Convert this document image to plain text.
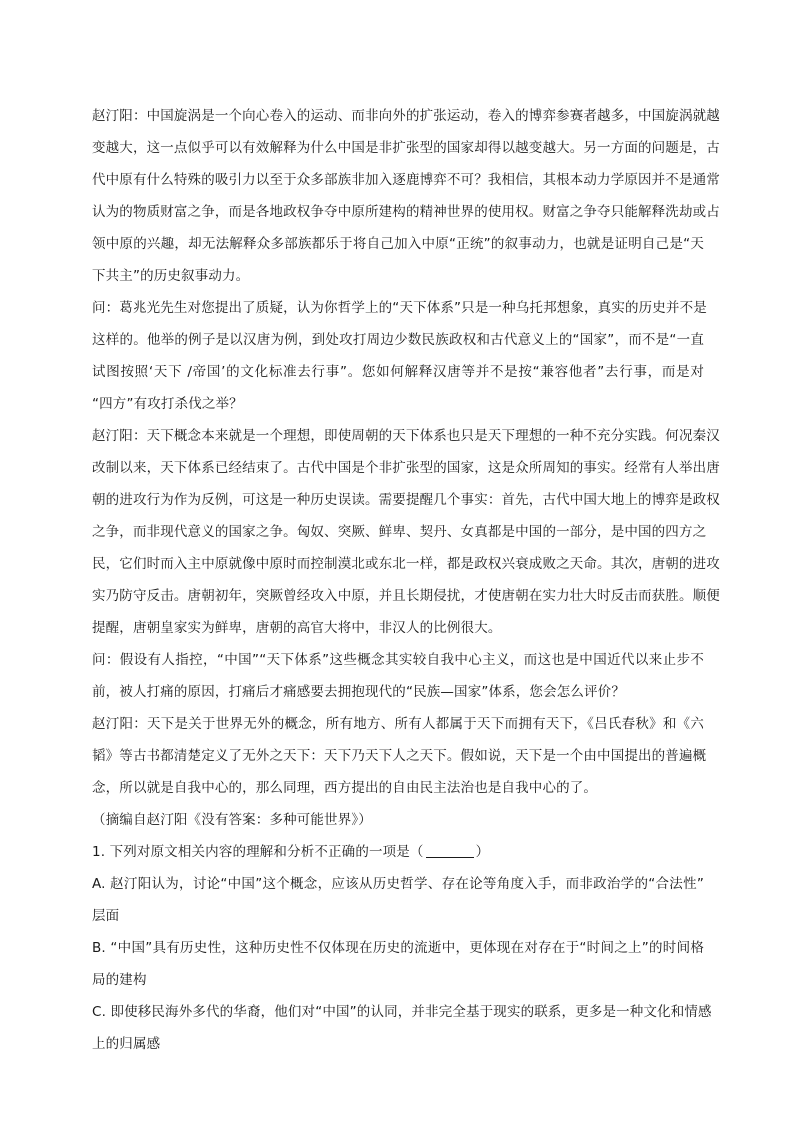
赵汀阳：中国旋涡是一个向心卷入的运动、而非向外的扩张运动，卷入的博弈参赛者越多，中国旋涡就越
变越大，这一点似乎可以有效解释为什么中国是非扩张型的国家却得以越变越大。另一方面的问题是，古
代中原有什么特殊的吸引力以至于众多部族非加入逐鹿博弈不可？我相信，其根本动力学原因并不是通常
认为的物质财富之争，而是各地政权争夺中原所建构的精神世界的使用权。财富之争夺只能解释洗劫或占
领中原的兴趣，却无法解释众多部族都乐于将自己加入中原“正统”的叙事动力，也就是证明自己是“天
下共主”的历史叙事动力。
问：葛兆光先生对您提出了质疑，认为你哲学上的“天下体系”只是一种乌托邦想象，真实的历史并不是
这样的。他举的例子是以汉唐为例，到处攻打周边少数民族政权和古代意义上的“国家”，而不是“一直
试图按照‘天下 /帝国’的文化标准去行事”。您如何解释汉唐等并不是按“兼容他者”去行事，而是对
“四方”有攻打杀伐之举？
赵汀阳：天下概念本来就是一个理想，即使周朝的天下体系也只是天下理想的一种不充分实践。何况秦汉
改制以来，天下体系已经结束了。古代中国是个非扩张型的国家，这是众所周知的事实。经常有人举出唐
朝的进攻行为作为反例，可这是一种历史误读。需要提醒几个事实：首先，古代中国大地上的博弈是政权
之争，而非现代意义的国家之争。匈奴、突厥、鲜卑、契丹、女真都是中国的一部分，是中国的四方之
民，它们时而入主中原就像中原时而控制漠北或东北一样，都是政权兴衰成败之天命。其次，唐朝的进攻
实乃防守反击。唐朝初年，突厥曾经攻入中原，并且长期侵扰，才使唐朝在实力壮大时反击而获胜。顺便
提醒，唐朝皇家实为鲜卑，唐朝的高官大将中，非汉人的比例很大。
问：假设有人指控，“中国”“天下体系”这些概念其实较自我中心主义，而这也是中国近代以来止步不
前，被人打痛的原因，打痛后才痛感要去拥抱现代的“民族—国家”体系，您会怎么评价？
赵汀阳：天下是关于世界无外的概念，所有地方、所有人都属于天下而拥有天下，《吕氏春秋》和《六
韬》等古书都清楚定义了无外之天下：天下乃天下人之天下。假如说，天下是一个由中国提出的普遍概
念，所以就是自我中心的，那么同理，西方提出的自由民主法治也是自我中心的了。
（摘编自赵汀阳《没有答案：多种可能世界》）
1. 下列对原文相关内容的理解和分析不正确的一项是（	）
A. 赵汀阳认为，讨论“中国”这个概念，应该从历史哲学、存在论等角度入手，而非政治学的“合法性”
层面
B. “中国”具有历史性，这种历史性不仅体现在历史的流逝中，更体现在对存在于“时间之上”的时间格
局的建构
C. 即使移民海外多代的华裔，他们对“中国”的认同，并非完全基于现实的联系，更多是一种文化和情感
上的归属感
